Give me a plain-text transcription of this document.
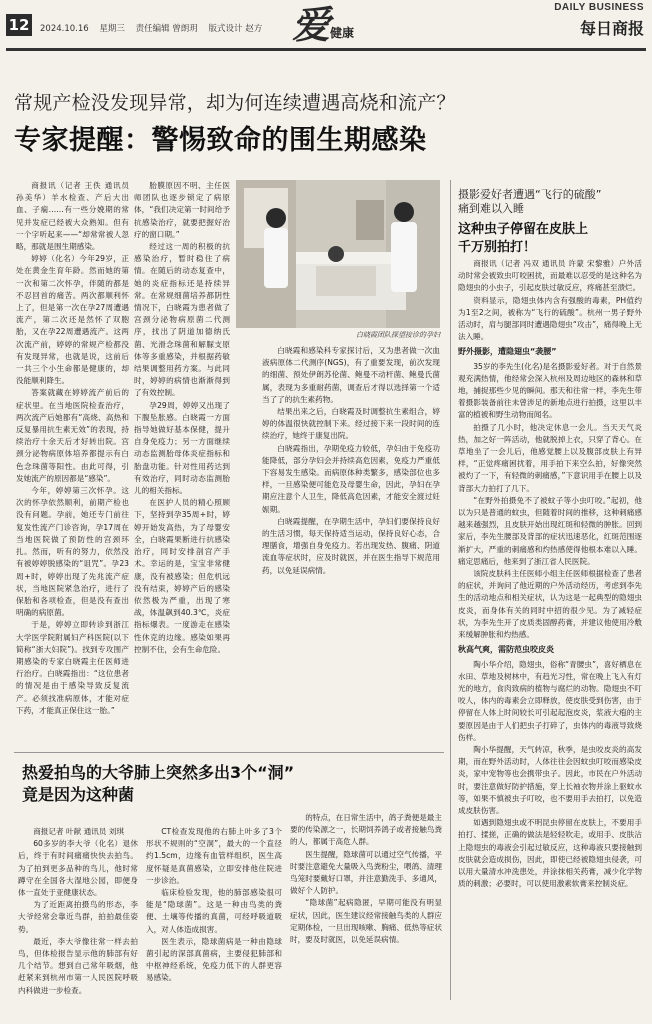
12	2024.10.16 星期三 责任编辑 曾朗玥 版式设计 赵方 爱 健康
DAILY BUSINESS
每日商报
常规产检没发现异常，却为何连续遭遇高烧和流产？
专家提醒：警惕致命的围生期感染

商报讯（记者 王佚 通讯员 孙美华）羊水检查、产后大出血、子痫……有一些分娩期的常见并发症已经被大众熟知。但有一个字听起来——“却常常被人忽略，那就是围生期感染。

婷婷（化名）今年29岁，正处在黄金生育年龄。然而她的第一次和第二次怀孕，伴随的都是不忍回首的痛苦。两次都顺利怀上了，但是第一次在孕27周遭遇流产，第二次还是然怀了双胞胎，又在孕22周遭遇流产。这两次流产前，婷婷的常规产检都没有发现异常，也就是说，这前后一共三个小生命都是健康的，却没能顺利降生。

答案就藏在婷婷流产前后的症状里。在当地医院检查治疗，两次流产后她都有“高烧、高热和反复暴用抗生素无效”的表现，持续治疗十余天后才好转出院。宫颈分泌物病原体培养都提示有白色念珠菌等阳性。由此可得，引发她流产的原因都是“感染”。

今年，婷婷第三次怀孕。这次的怀孕依然顺利，前期产检也没有问题。孕前，她还专门前往复发性流产门诊咨询，孕17周在当地医院做了预防性的宫颈环扎。然而，听有的努力，依然没有被婷婷脱感染的“诅咒”。孕23周+时，婷婷出现了先兆流产症状，当地医院紧急治疗，进行了保胎和各项检查，但是没有查出明确的病原菌。

于是，婷婷立即转诊到浙江大学医学院附属妇产科医院(以下简称“浙大妇院”)。找到专攻围产期感染的专家白晓霞主任医师进行治疗。白晓霞指出：“这位患者的情况是由于感染导致反复流产。必须找准病原体，才能对症下药，才能真正保住这一胎。”

胎膜原因不明、主任医师团队也逐步锁定了病原体，“我们决定第一时间给予抗感染治疗，就要把握好治疗的窗口期。”

经过这一周的积极的抗感染治疗，暂时稳住了病情。在随后的动态复查中，她的炎症指标还是持续异常。在常规细菌培养都阴性情况下，白晓霞为患者做了宫颈分泌物病原菌二代测序，找出了阴道加德纳氏菌、光滑念珠菌和解脲支原体等多重感染，并根据药敏结果调整用药方案。与此同时，婷婷的病情也渐渐得到了有效控制。

孕29周，婷婷又出现了下腹坠胀感。白晓霞一方面指导她做好基本保健，提升自身免疫力；另一方面继续动态监测胎母体炎症指标和胎盘功能。针对性用药达到有效治疗，同时动态监测胎儿的相关指标。

在医护人员的精心照顾下，坚持到孕35周+时，婷婷开始发高热，为了母婴安全，白晓霞果断进行抗感染治疗，同时安排剖宫产手术。幸运的是，宝宝非常健康，没有被感染；但危机远没有结束，婷婷产后的感染依然极为严重，出现了寒战，体温飙到40.3℃，炎症指标爆表。一度游走在感染性休克的边缘。感染如果再控制不住，会有生命危险。

白晓霞团队探望接诊的孕妇

白晓霞和感染科专家探讨后，又为患者做一次血液病原体二代测序(NGS)，有了重要发现，前次发现的细菌、预处伊朗苏伦菌、鲍曼不动杆菌、鲍曼氏菌属，表现为多重耐药菌，调查后才得以选择第一个适当了了的抗生素药物。

结果出来之后，白晓霞及时调整抗生素组合，婷婷的体温很快就控制下来。经过接下来一段时间的连续治疗，她终于康复出院。

白晓霞指出，孕期免疫力较低，孕妇由于免疫功能降低，部分孕妇会并持续高危因素，免疫力严重低下容易发生感染。而病原体种类繁多，感染部位也多样，一旦感染便可能危及母婴生命，因此，孕妇在孕期应注意个人卫生，降低高危因素，才能安全渡过妊娠期。

白晓霞提醒，在孕期生活中，孕妇们要保持良好的生活习惯，每天保持适当运动，保持良好心态，合理膳食，增强自身免疫力。若出现发热、腹痛、阴道流血等症状时，应及时就医，并在医生指导下规范用药，以免延误病情。

热爱拍鸟的大爷肺上突然多出3个“洞”
竟是因为这种菌

商报记者 叶献 通讯员 刘琪

60多岁的李大爷（化名）退休后，终于有时间痛痛快快去拍鸟。为了拍到更多品种的鸟儿，他时常蹲守在全国各大湿地公园，即便身体一直处于亚健康状态。

为了近距离拍摄鸟的形态，李大爷经常会靠近鸟群，拍拍最佳姿势。

最近，李大爷像往常一样去拍鸟，但体检报告显示他的肺部有好几个结节。想到自己常年吸烟，他赶紧来到杭州市第一人民医院呼吸内科做进一步检查。

CT检查发现他的右肺上叶多了3个形状不规则的“空洞”，最大的一个直径约1.5cm，边缘有血管样组织，医生高度怀疑是真菌感染，立即安排他住院进一步诊治。

临床检验发现，他的肺部感染很可能是“隐球菌”。这是一种由鸟类的粪便、土壤等传播的真菌，可经呼吸道吸入，对人体造成损害。

医生表示，隐球菌病是一种由隐球菌引起的深部真菌病，主要侵犯肺部和中枢神经系统，免疫力低下的人群更容易感染。

的特点，在日常生活中，鸽子粪便是最主要的传染源之一，长期饲养鸽子或者接触鸟粪的人，都属于高危人群。

医生提醒，隐球菌可以通过空气传播，平时要注意避免大量吸入鸟粪粉尘，喂鸽、清理鸟笼时要戴好口罩，并注意勤洗手、多通风，做好个人防护。

“隐球菌”起病隐匿，早期可能没有明显症状，因此，医生建议经常接触鸟类的人群应定期体检，一旦出现咳嗽、胸痛、低热等症状时，要及时就医，以免延误病情。

摄影爱好者遭遇“飞行的硫酸”
痛到难以入睡
这种虫子停留在皮肤上
千万别拍打！

商报讯（记者 冯双 通讯员 许蒙 宋黎雅）户外活动时常会被致虫叮咬困扰，而最难以忍受的是这种名为隐翅虫的小虫子，引起皮肤过敏反应，疼痛甚至溃烂。

资料显示，隐翅虫体内含有强酸的毒素，PH值约为1至2之间，被称为“飞行的硫酸”。杭州一男子野外活动时，肩与腿部同时遭遇隐翅虫“攻击”，痛得晚上无法入睡。

野外摄影，遭隐翅虫“袭腰”

35岁的李先生(化名)是名摄影爱好者。对于自然景观充满热情，他经常会深入杭州及周边地区的森林和草地，捕捉那些少见的瞬间。那天和往常一样，李先生带着摄影装备前往未曾涉足的新地点进行拍摄，这里以丰富的植被和野生动物而闻名。

拍摄了几小时，他决定休息一会儿。当天天气炎热，加之好一阵活动，他就脱掉上衣，只穿了背心。在草地坐了一会儿后，他感觉腰上以及腹部皮肤上有异样，“正觉疼痛困扰着，用手拍下来空么拍，好像突然被灼了一下，有轻微的刺痛感，”下意识用手在腰上以及背部大力拍打了几下。

“在野外拍摄免不了被蚊子等小虫叮咬。”起初，他以为只是普通的蚊虫，但随着时间的推移，这种刺痛感越来越强烈，且皮肤开始出现红斑和轻微的肿胀。回到家后，李先生腰部及背部的症状迅速恶化，红斑范围逐渐扩大，严重的刺痛感和灼热感使得他根本难以入睡。痛定思痛后，他来到了浙江省人民医院。

该院皮肤科主任医师小组主任医师根据检查了患者的症状，并询问了他近期的户外活动经历，考虑到李先生的活动地点和相关症状，认为这是一起典型的隐翅虫皮炎，而身体有关的同时中招的很少见。为了减轻症状，为李先生开了皮质类固醇药膏，并建议他使用冷敷来缓解肿胀和灼热感。

秋高气爽，需防范虫咬皮炎

陶小华介绍，隐翅虫，俗称“青腰虫”，喜好栖息在水田、草地及树林中，有趋光习性，常在晚上飞入有灯光的地方，食肉致病的植物与腐烂的动物。隐翅虫不叮咬人，体内的毒素会立即释放，使皮肤受到伤害，由于停留在人体上时间较长可引起起泡皮炎，浆液大疱的主要原因是由于人们把虫子打碎了，虫体内的毒液导致烧伤样。

陶小华提醒，天气转凉，秋季，是虫咬皮炎的高发期，而在野外活动时，人体往往会因蚊虫叮咬而感染皮炎，家中宠物等也会携带虫子。因此，市民在户外活动时，要注意做好防护措施，穿上长袖衣物并涂上驱蚊水等，如果不慎被虫子叮咬，也不要用手去拍打，以免造成皮肤伤害。

如遇到隐翅虫或不明昆虫停留在皮肤上，不要用手拍打、揉搓，正确的做法是轻轻吹走，或用手、皮肤沾上隐翅虫的毒液会引起过敏反应，这种毒液只要接触到皮肤就会造成损伤，因此，即使已经被隐翅虫侵袭，可以用大量清水冲洗患处，并涂抹相关药膏，减少化学物质的刺激；必要时，可以使用激素软膏来控制炎症。
